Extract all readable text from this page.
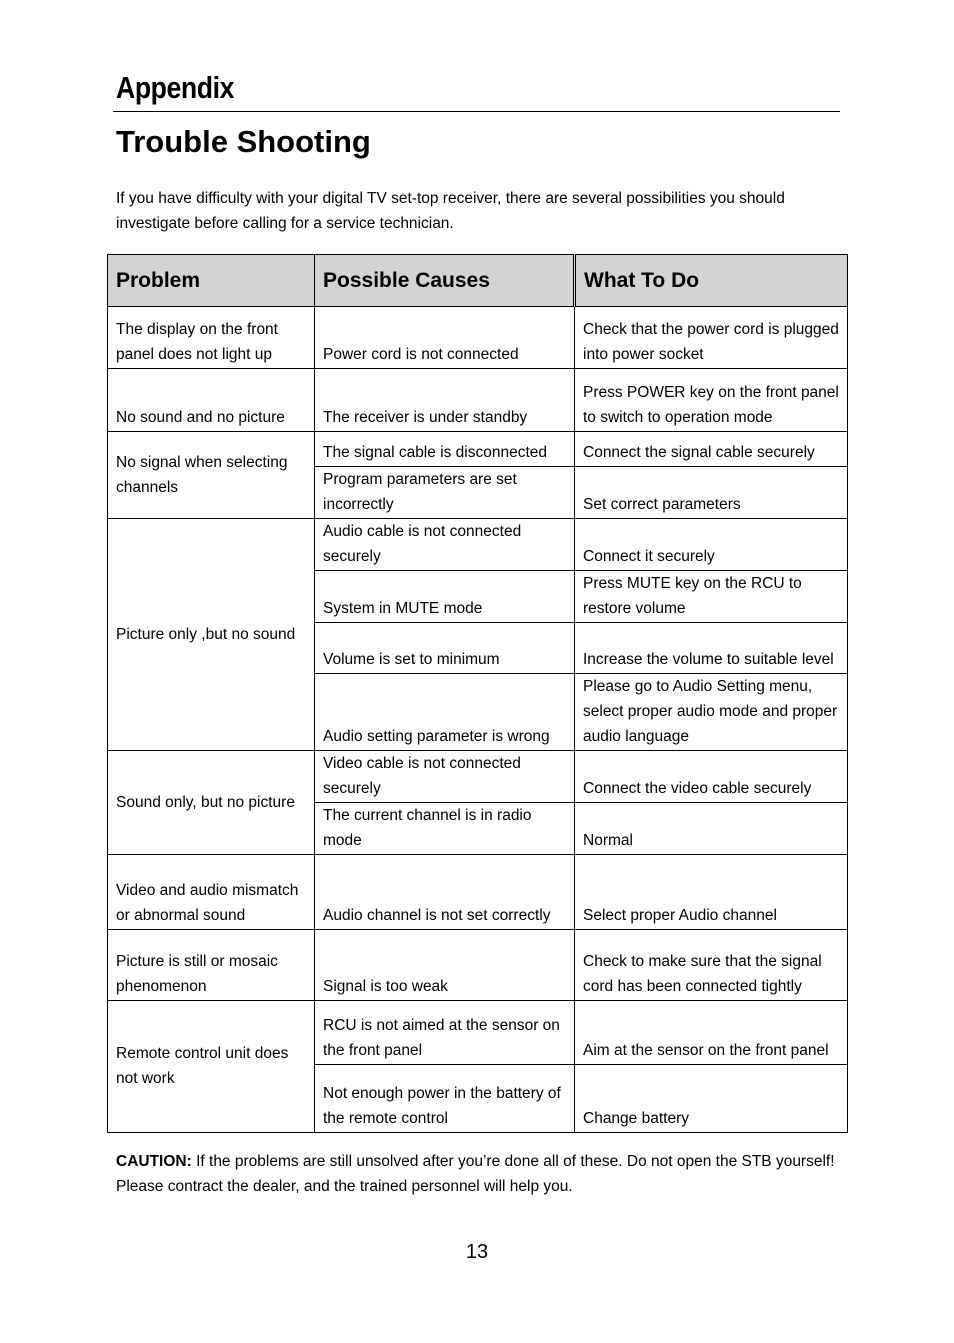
Appendix
Trouble Shooting
If you have difficulty with your digital TV set-top receiver, there are several possibilities you should investigate before calling for a service technician.
Problem	Possible Causes	What To Do
The display on the front panel does not light up	Power cord is not connected	Check that the power cord is plugged into power socket
No sound and no picture	The receiver is under standby	Press POWER key on the front panel to switch to operation mode
No signal when selecting channels	The signal cable is disconnected	Connect the signal cable securely
	Program parameters are set incorrectly	Set correct parameters
Picture only ,but no sound	Audio cable is not connected securely	Connect it securely
	System in MUTE mode	Press MUTE key on the RCU to restore volume
	Volume is set to minimum	Increase the volume to suitable level
	Audio setting parameter is wrong	Please go to Audio Setting menu, select proper audio mode and proper audio language
Sound only, but no picture	Video cable is not connected securely	Connect the video cable securely
	The current channel is in radio mode	Normal
Video and audio mismatch or abnormal sound	Audio channel is not set correctly	Select proper Audio channel
Picture is still or mosaic phenomenon	Signal is too weak	Check to make sure that the signal cord has been connected tightly
Remote control unit does not work	RCU is not aimed at the sensor on the front panel	Aim at the sensor on the front panel
	Not enough power in the battery of the remote control	Change battery
CAUTION: If the problems are still unsolved after you’re done all of these. Do not open the STB yourself! Please contract the dealer, and the trained personnel will help you.
13
